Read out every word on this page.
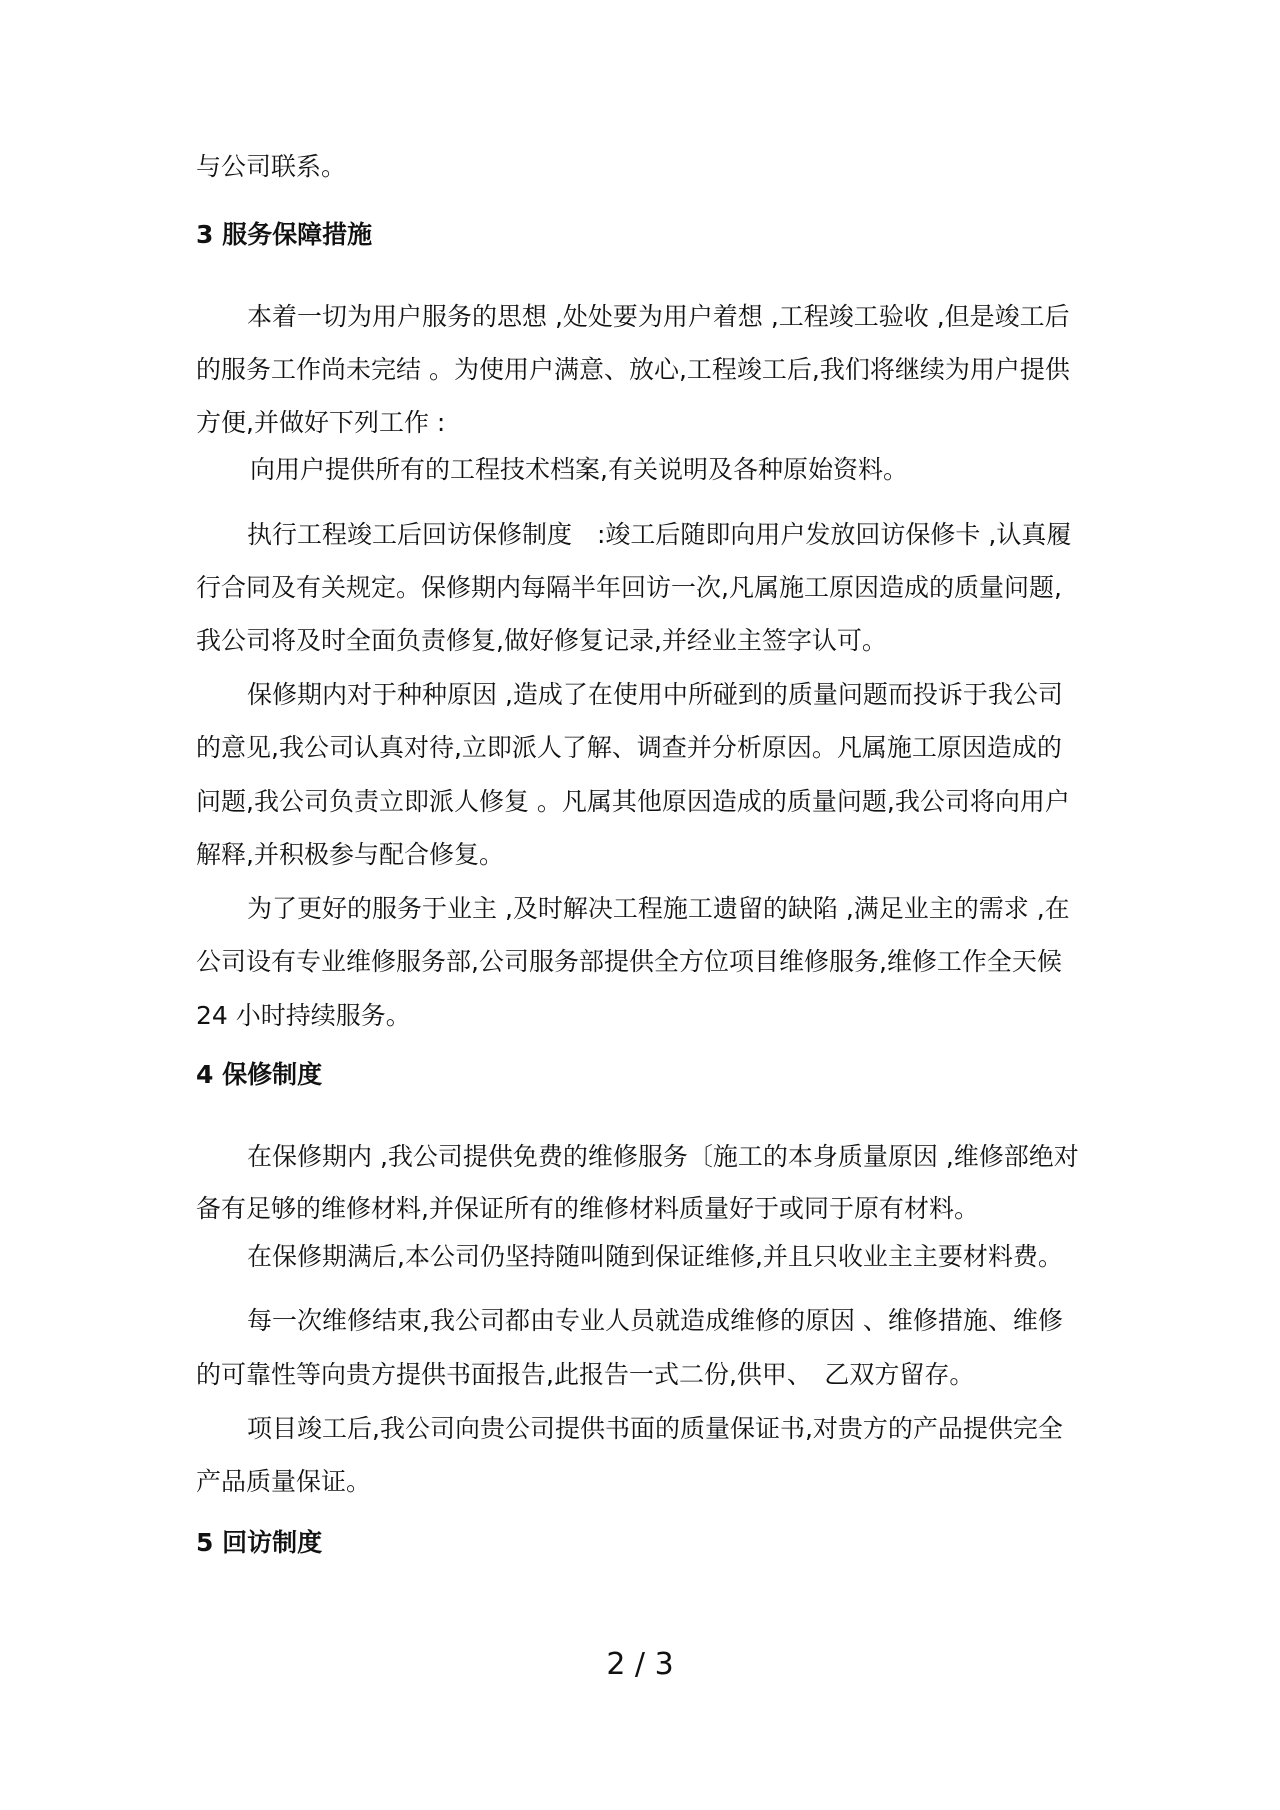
与公司联系。
3 服务保障措施
本着一切为用户服务的思想 ,处处要为用户着想 ,工程竣工验收 ,但是竣工后
的服务工作尚未完结 。为使用户满意、放心,工程竣工后,我们将继续为用户提供
方便,并做好下列工作 :
向用户提供所有的工程技术档案,有关说明及各种原始资料。
执行工程竣工后回访保修制度　:竣工后随即向用户发放回访保修卡 ,认真履
行合同及有关规定。保修期内每隔半年回访一次,凡属施工原因造成的质量问题,
我公司将及时全面负责修复,做好修复记录,并经业主签字认可。
保修期内对于种种原因 ,造成了在使用中所碰到的质量问题而投诉于我公司
的意见,我公司认真对待,立即派人了解、调查并分析原因。凡属施工原因造成的
问题,我公司负责立即派人修复 。凡属其他原因造成的质量问题,我公司将向用户
解释,并积极参与配合修复。
为了更好的服务于业主 ,及时解决工程施工遗留的缺陷 ,满足业主的需求 ,在
公司设有专业维修服务部,公司服务部提供全方位项目维修服务,维修工作全天候
24 小时持续服务。
4 保修制度
在保修期内 ,我公司提供免费的维修服务〔施工的本身质量原因 ,维修部绝对
备有足够的维修材料,并保证所有的维修材料质量好于或同于原有材料。
在保修期满后,本公司仍坚持随叫随到保证维修,并且只收业主主要材料费。
每一次维修结束,我公司都由专业人员就造成维修的原因 、维修措施、维修
的可靠性等向贵方提供书面报告,此报告一式二份,供甲、　乙双方留存。
项目竣工后,我公司向贵公司提供书面的质量保证书,对贵方的产品提供完全
产品质量保证。
5 回访制度
2 / 3
